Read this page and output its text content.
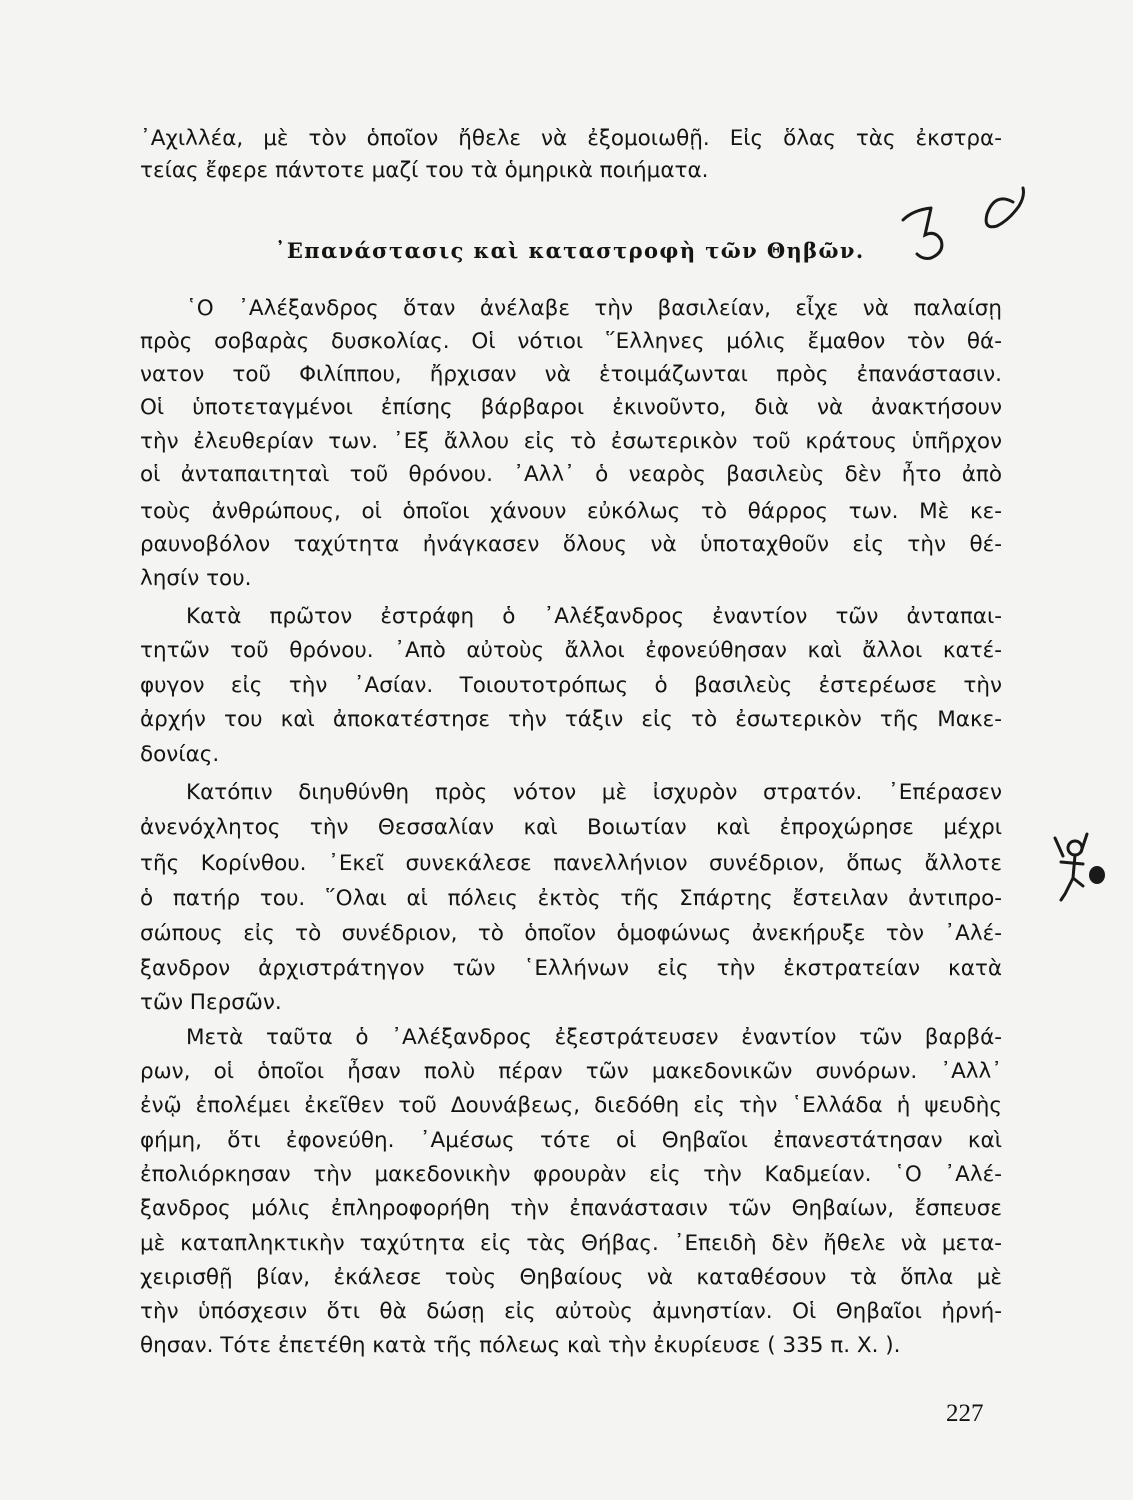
᾿Αχιλλέα, μὲ τὸν ὁποῖον ἤθελε νὰ ἐξομοιωθῇ. Εἰς ὅλας τὰς ἐκστρα-
τείας ἔφερε πάντοτε μαζί του τὰ ὁμηρικὰ ποιήματα.
᾿Επανάστασις καὶ καταστροφὴ τῶν Θηβῶν.
῾Ο ᾿Αλέξανδρος ὅταν ἀνέλαβε τὴν βασιλείαν, εἶχε νὰ παλαίσῃ
πρὸς σοβαρὰς δυσκολίας. Οἱ νότιοι ῞Ελληνες μόλις ἔμαθον τὸν θά-
νατον τοῦ Φιλίππου, ἤρχισαν νὰ ἑτοιμάζωνται πρὸς ἐπανάστασιν.
Οἱ ὑποτεταγμένοι ἐπίσης βάρβαροι ἐκινοῦντο, διὰ νὰ ἀνακτήσουν
τὴν ἐλευθερίαν των. ᾿Εξ ἄλλου εἰς τὸ ἐσωτερικὸν τοῦ κράτους ὑπῆρχον
οἱ ἀνταπαιτηταὶ τοῦ θρόνου. ᾿Αλλ᾿ ὁ νεαρὸς βασιλεὺς δὲν ἦτο ἀπὸ
τοὺς ἀνθρώπους, οἱ ὁποῖοι χάνουν εὐκόλως τὸ θάρρος των. Μὲ κε-
ραυνοβόλον ταχύτητα ἠνάγκασεν ὅλους νὰ ὑποταχθοῦν εἰς τὴν θέ-
λησίν του.
Κατὰ πρῶτον ἐστράφη ὁ ᾿Αλέξανδρος ἐναντίον τῶν ἀνταπαι-
τητῶν τοῦ θρόνου. ᾿Απὸ αὐτοὺς ἄλλοι ἐφονεύθησαν καὶ ἄλλοι κατέ-
φυγον εἰς τὴν ᾿Ασίαν. Τοιουτοτρόπως ὁ βασιλεὺς ἐστερέωσε τὴν
ἀρχήν του καὶ ἀποκατέστησε τὴν τάξιν εἰς τὸ ἐσωτερικὸν τῆς Μακε-
δονίας.
Κατόπιν διηυθύνθη πρὸς νότον μὲ ἰσχυρὸν στρατόν. ᾿Επέρασεν
ἀνενόχλητος τὴν Θεσσαλίαν καὶ Βοιωτίαν καὶ ἐπροχώρησε μέχρι
τῆς Κορίνθου. ᾿Εκεῖ συνεκάλεσε πανελλήνιον συνέδριον, ὅπως ἄλλοτε
ὁ πατήρ του. ῞Ολαι αἱ πόλεις ἐκτὸς τῆς Σπάρτης ἔστειλαν ἀντιπρο-
σώπους εἰς τὸ συνέδριον, τὸ ὁποῖον ὁμοφώνως ἀνεκήρυξε τὸν ᾿Αλέ-
ξανδρον ἀρχιστράτηγον τῶν ῾Ελλήνων εἰς τὴν ἐκστρατείαν κατὰ
τῶν Περσῶν.
Μετὰ ταῦτα ὁ ᾿Αλέξανδρος ἐξεστράτευσεν ἐναντίον τῶν βαρβά-
ρων, οἱ ὁποῖοι ἦσαν πολὺ πέραν τῶν μακεδονικῶν συνόρων. ᾿Αλλ᾿
ἐνῷ ἐπολέμει ἐκεῖθεν τοῦ Δουνάβεως, διεδόθη εἰς τὴν ῾Ελλάδα ἡ ψευδὴς
φήμη, ὅτι ἐφονεύθη. ᾿Αμέσως τότε οἱ Θηβαῖοι ἐπανεστάτησαν καὶ
ἐπολιόρκησαν τὴν μακεδονικὴν φρουρὰν εἰς τὴν Καδμείαν. ῾Ο ᾿Αλέ-
ξανδρος μόλις ἐπληροφορήθη τὴν ἐπανάστασιν τῶν Θηβαίων, ἔσπευσε
μὲ καταπληκτικὴν ταχύτητα εἰς τὰς Θήβας. ᾿Επειδὴ δὲν ἤθελε νὰ μετα-
χειρισθῇ βίαν, ἐκάλεσε τοὺς Θηβαίους νὰ καταθέσουν τὰ ὅπλα μὲ
τὴν ὑπόσχεσιν ὅτι θὰ δώσῃ εἰς αὐτοὺς ἀμνηστίαν. Οἱ Θηβαῖοι ἠρνή-
θησαν. Τότε ἐπετέθη κατὰ τῆς πόλεως καὶ τὴν ἐκυρίευσε ( 335 π. Χ. ).
227
